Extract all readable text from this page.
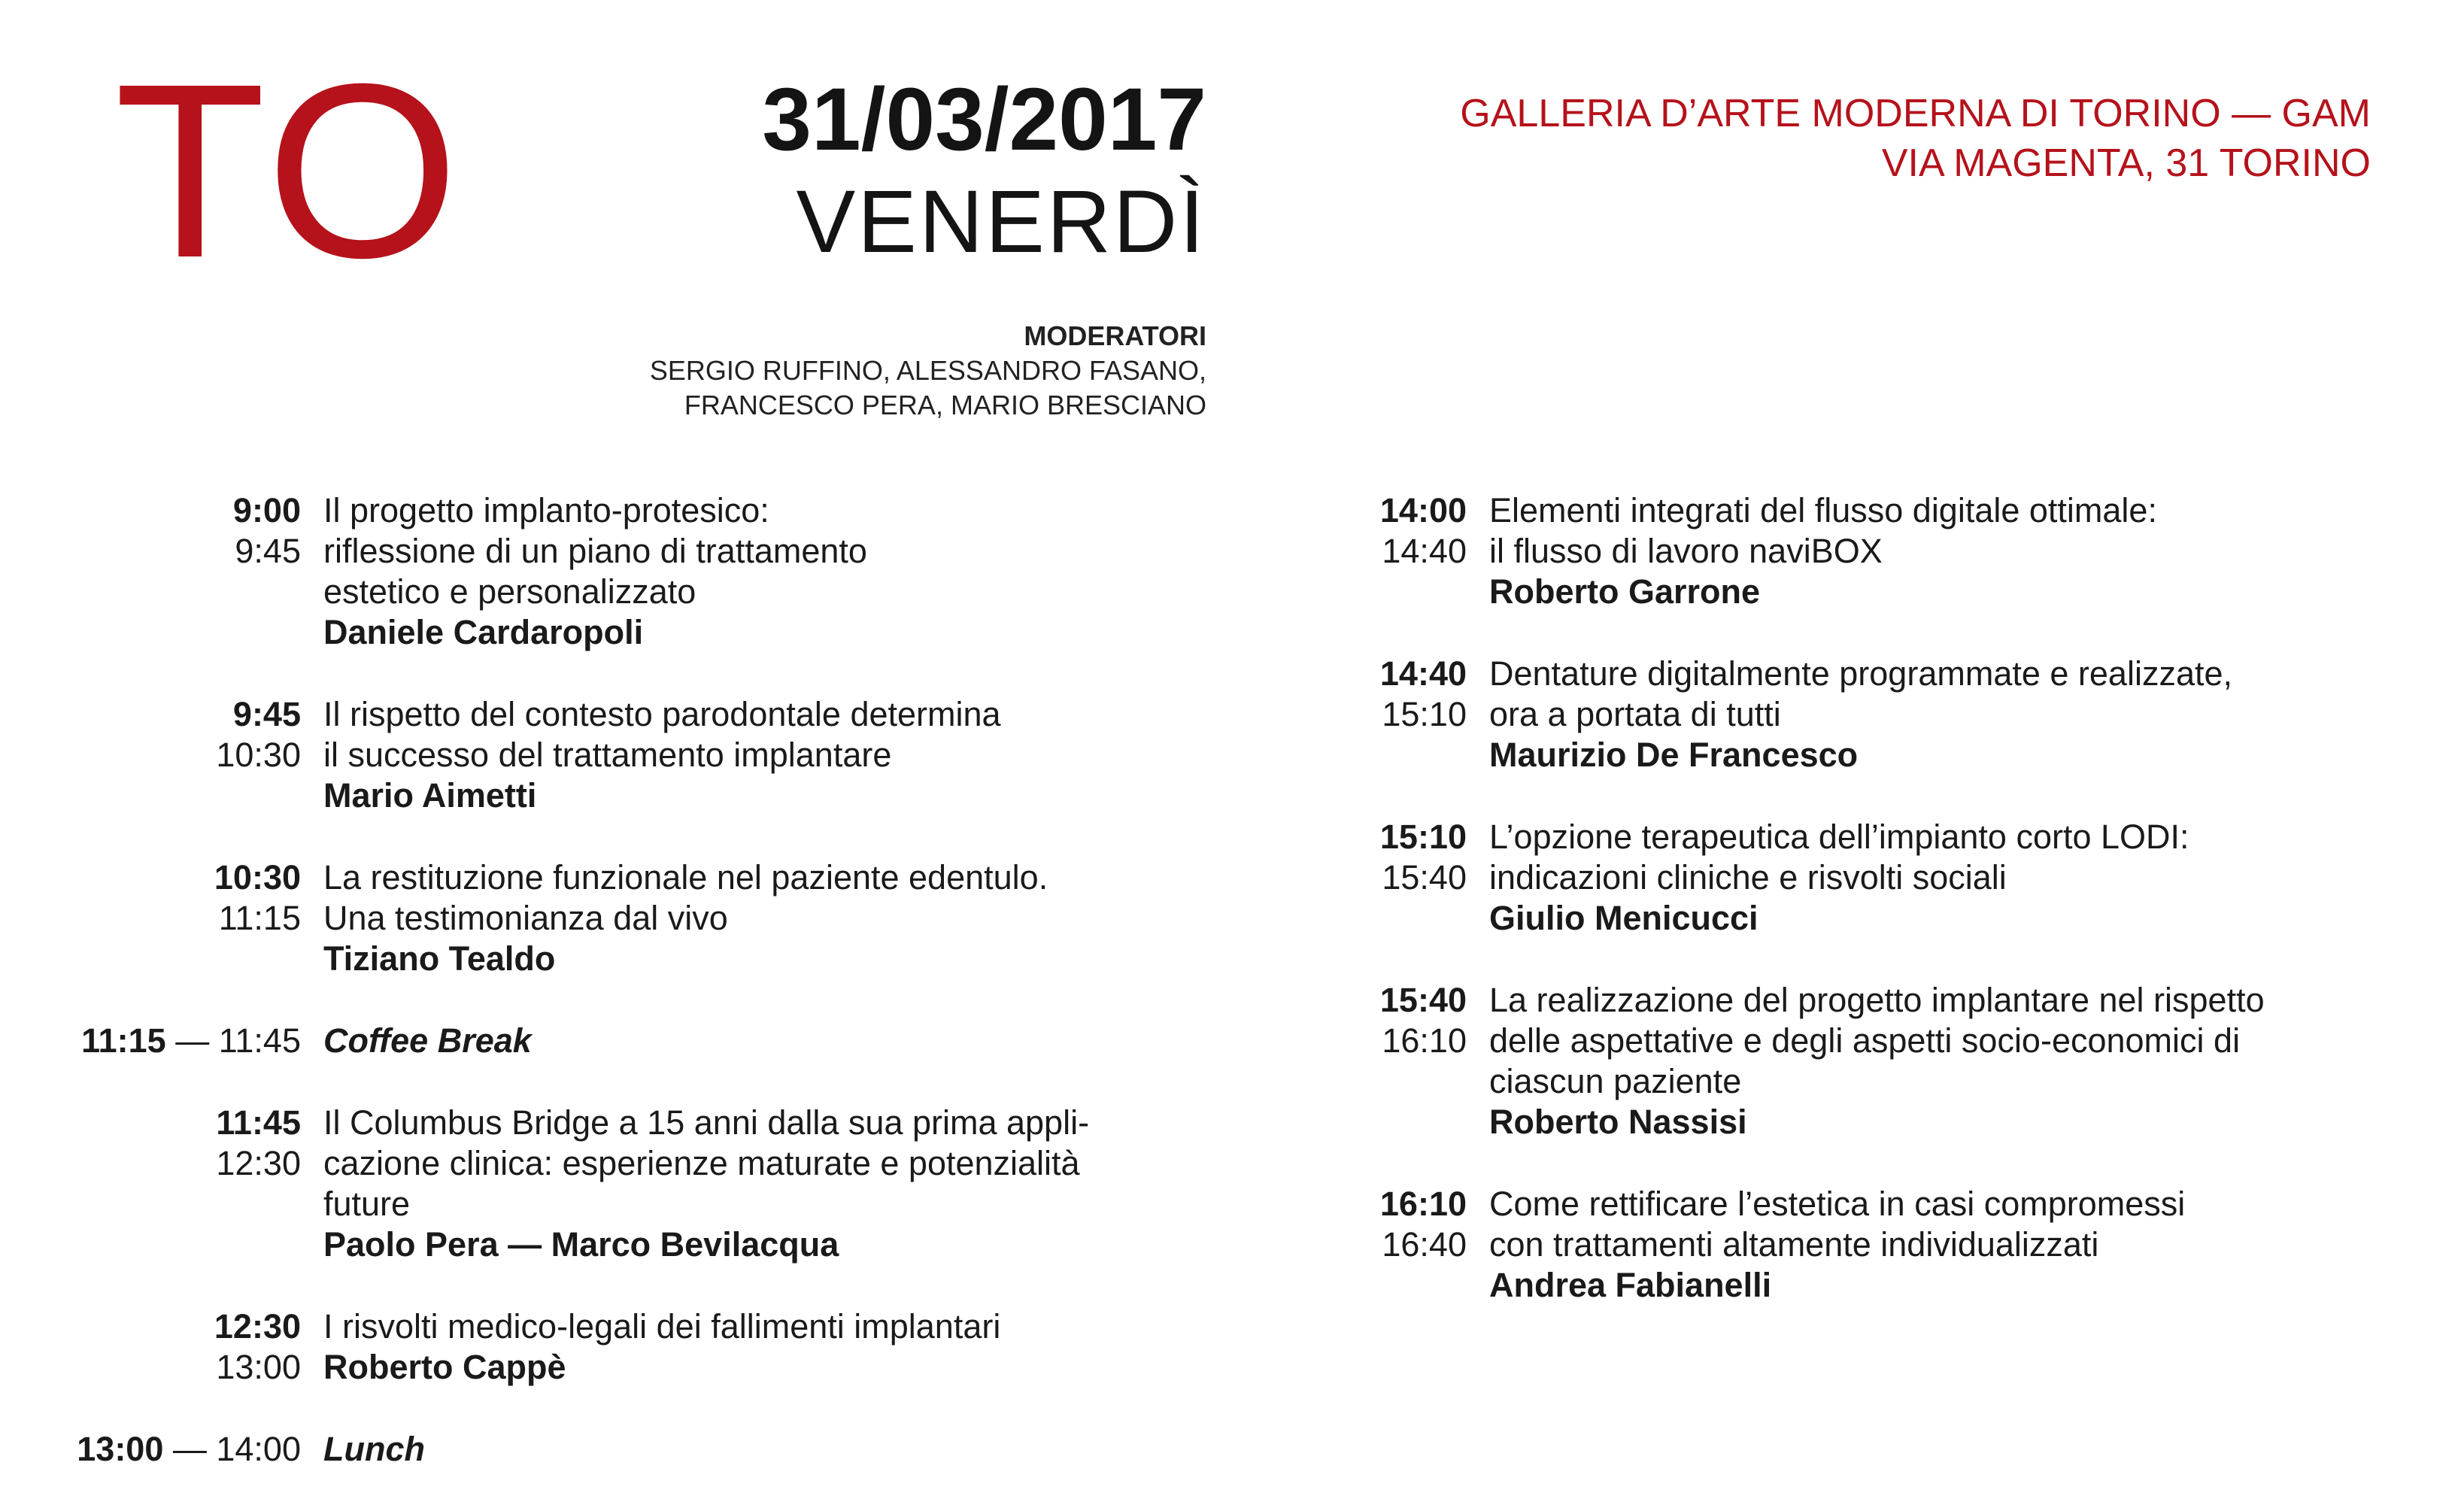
TO	31/03/2017
VENERDÌ
GALLERIA D’ARTE MODERNA DI TORINO — GAM
VIA MAGENTA, 31 TORINO
MODERATORI
SERGIO RUFFINO, ALESSANDRO FASANO,
FRANCESCO PERA, MARIO BRESCIANO
9:00
9:45
Il progetto implanto-protesico:
riflessione di un piano di trattamento
estetico e personalizzato
Daniele Cardaropoli
9:45
10:30
Il rispetto del contesto parodontale determina
il successo del trattamento implantare
Mario Aimetti
10:30
11:15
La restituzione funzionale nel paziente edentulo.
Una testimonianza dal vivo
Tiziano Tealdo
11:15 — 11:45 Coffee Break
11:45
12:30
Il Columbus Bridge a 15 anni dalla sua prima appli-
cazione clinica: esperienze maturate e potenzialità
future
Paolo Pera — Marco Bevilacqua
12:30
13:00
I risvolti medico-legali dei fallimenti implantari
Roberto Cappè
13:00 — 14:00 Lunch
14:00
14:40
Elementi integrati del flusso digitale ottimale:
il flusso di lavoro naviBOX
Roberto Garrone
14:40
15:10
Dentature digitalmente programmate e realizzate,
ora a portata di tutti
Maurizio De Francesco
15:10
15:40
L’opzione terapeutica dell’impianto corto LODI:
indicazioni cliniche e risvolti sociali
Giulio Menicucci
15:40
16:10
La realizzazione del progetto implantare nel rispetto
delle aspettative e degli aspetti socio-economici di
ciascun paziente
Roberto Nassisi
16:10
16:40
Come rettificare l’estetica in casi compromessi
con trattamenti altamente individualizzati
Andrea Fabianelli
